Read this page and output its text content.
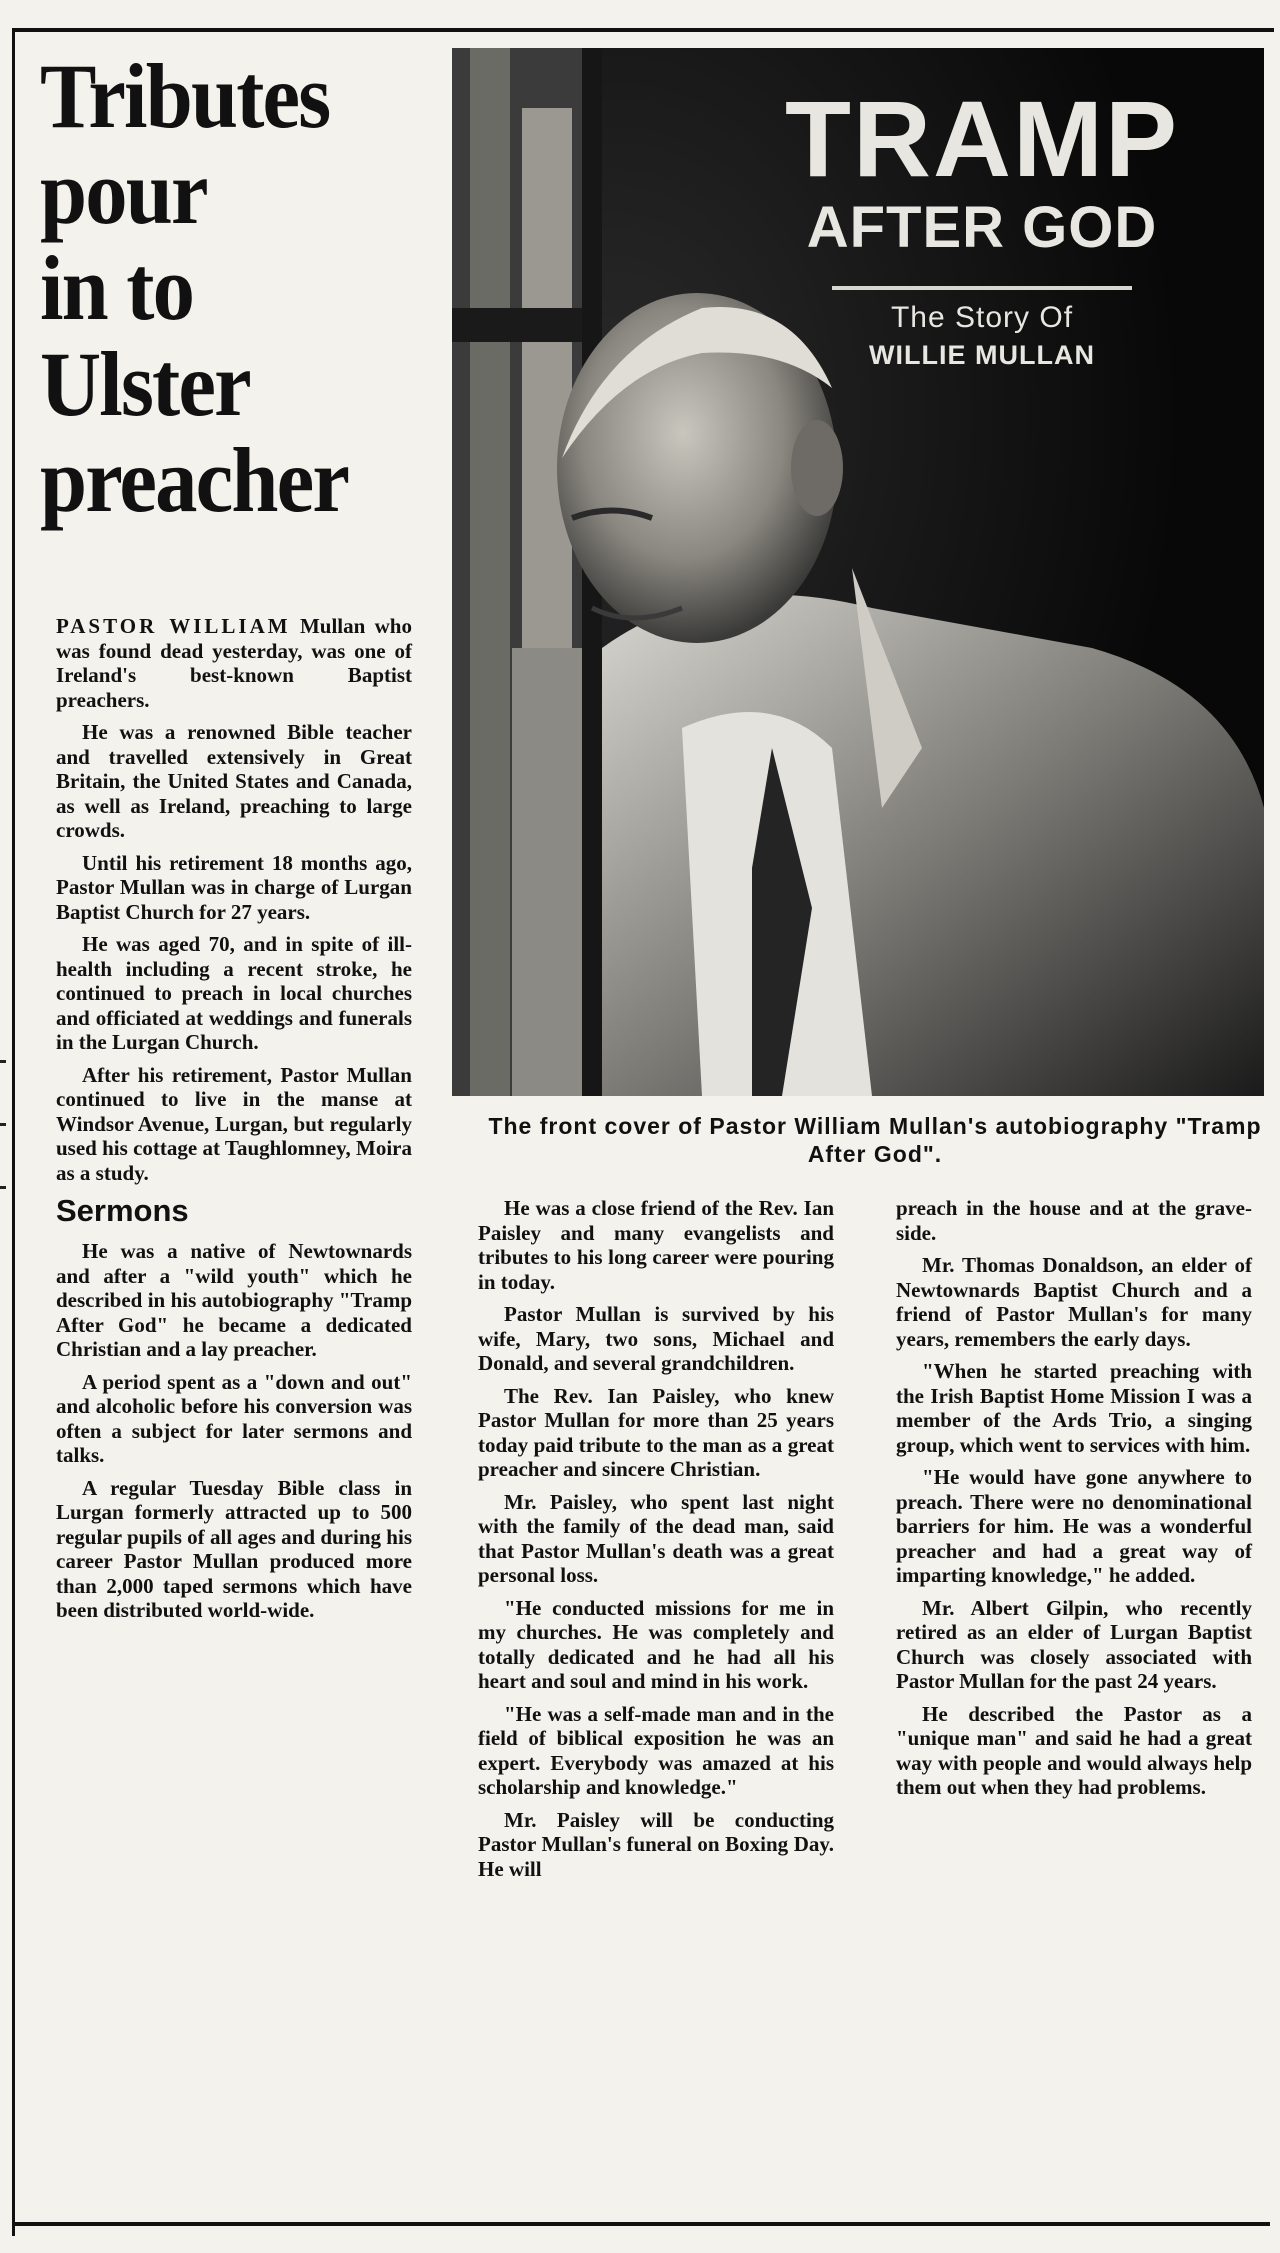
Tributes
pour
in to
Ulster
preacher
TRAMP
AFTER GOD
The Story Of
WILLIE MULLAN
The front cover of Pastor William Mullan's autobiography "Tramp After God".

PASTOR WILLIAM Mullan who was found dead yesterday, was one of Ireland's best-known Baptist preachers.

He was a renowned Bible teacher and travelled extensively in Great Britain, the United States and Canada, as well as Ireland, preaching to large crowds.

Until his retirement 18 months ago, Pastor Mullan was in charge of Lurgan Baptist Church for 27 years.

He was aged 70, and in spite of ill-health including a recent stroke, he continued to preach in local churches and officiated at weddings and funerals in the Lurgan Church.

After his retirement, Pastor Mullan continued to live in the manse at Windsor Avenue, Lurgan, but regularly used his cottage at Taughlomney, Moira as a study.

Sermons

He was a native of Newtownards and after a "wild youth" which he described in his autobiography "Tramp After God" he became a dedicated Christian and a lay preacher.

A period spent as a "down and out" and alcoholic before his conversion was often a subject for later sermons and talks.

A regular Tuesday Bible class in Lurgan formerly attracted up to 500 regular pupils of all ages and during his career Pastor Mullan produced more than 2,000 taped sermons which have been distributed world-wide.

He was a close friend of the Rev. Ian Paisley and many evangelists and tributes to his long career were pouring in today.

Pastor Mullan is survived by his wife, Mary, two sons, Michael and Donald, and several grandchildren.

The Rev. Ian Paisley, who knew Pastor Mullan for more than 25 years today paid tribute to the man as a great preacher and sincere Christian.

Mr. Paisley, who spent last night with the family of the dead man, said that Pastor Mullan's death was a great personal loss.

"He conducted missions for me in my churches. He was completely and totally dedicated and he had all his heart and soul and mind in his work.

"He was a self-made man and in the field of biblical exposition he was an expert. Everybody was amazed at his scholarship and knowledge."

Mr. Paisley will be conducting Pastor Mullan's funeral on Boxing Day. He will

preach in the house and at the grave-side.

Mr. Thomas Donaldson, an elder of Newtownards Baptist Church and a friend of Pastor Mullan's for many years, remembers the early days.

"When he started preaching with the Irish Baptist Home Mission I was a member of the Ards Trio, a singing group, which went to services with him.

"He would have gone anywhere to preach. There were no denominational barriers for him. He was a wonderful preacher and had a great way of imparting knowledge," he added.

Mr. Albert Gilpin, who recently retired as an elder of Lurgan Baptist Church was closely associated with Pastor Mullan for the past 24 years.

He described the Pastor as a "unique man" and said he had a great way with people and would always help them out when they had problems.
